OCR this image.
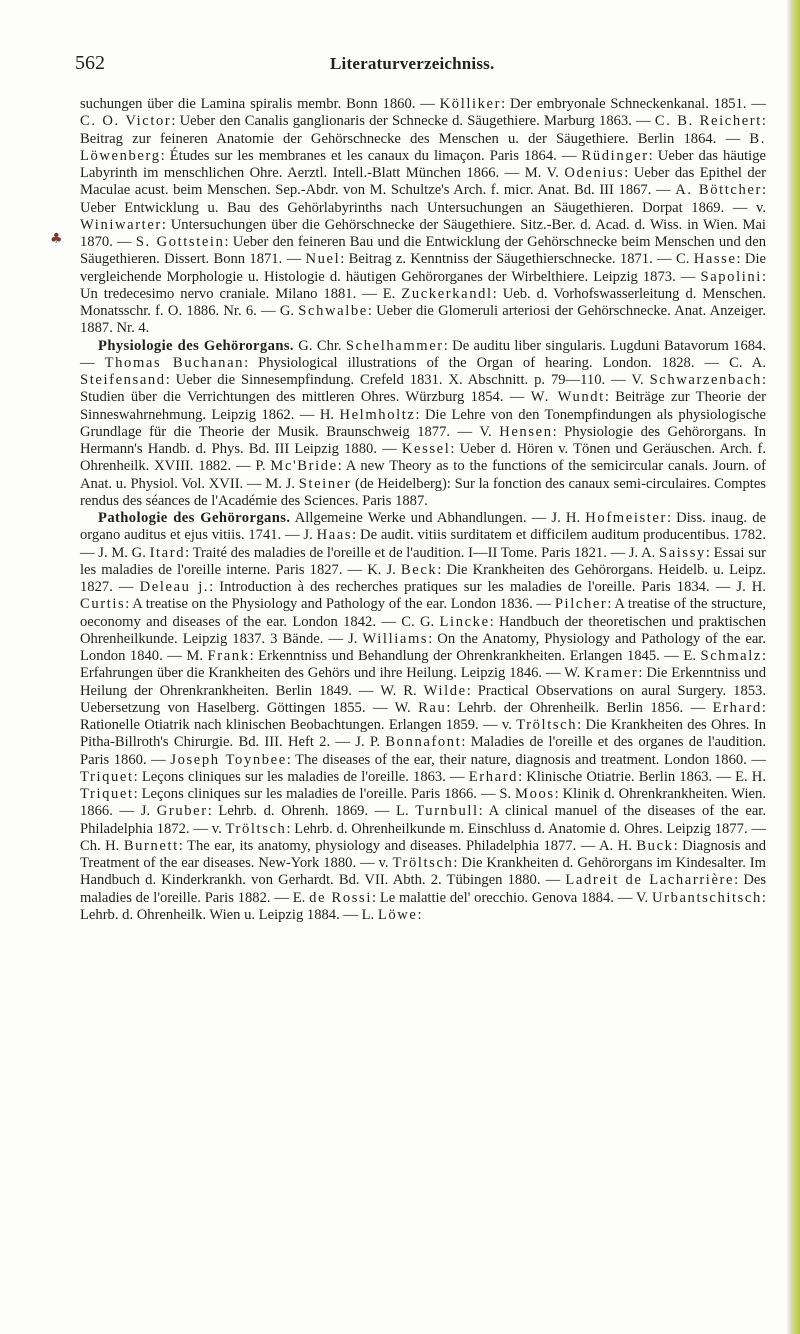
♣
562	Literaturverzeichniss.

suchungen über die Lamina spiralis membr. Bonn 1860. — Kölliker: Der embryonale Schneckenkanal. 1851. — C. O. Victor: Ueber den Canalis ganglionaris der Schnecke d. Säugethiere. Marburg 1863. — C. B. Reichert: Beitrag zur feineren Anatomie der Gehörschnecke des Menschen u. der Säugethiere. Berlin 1864. — B. Löwenberg: Études sur les membranes et les canaux du limaçon. Paris 1864. — Rüdinger: Ueber das häutige Labyrinth im menschlichen Ohre. Aerztl. Intell.-Blatt München 1866. — M. V. Odenius: Ueber das Epithel der Maculae acust. beim Menschen. Sep.-Abdr. von M. Schultze's Arch. f. micr. Anat. Bd. III 1867. — A. Böttcher: Ueber Entwicklung u. Bau des Gehörlabyrinths nach Untersuchungen an Säugethieren. Dorpat 1869. — v. Winiwarter: Untersuchungen über die Gehörschnecke der Säugethiere. Sitz.-Ber. d. Acad. d. Wiss. in Wien. Mai 1870. — S. Gottstein: Ueber den feineren Bau und die Entwicklung der Gehörschnecke beim Menschen und den Säugethieren. Dissert. Bonn 1871. — Nuel: Beitrag z. Kenntniss der Säugethierschnecke. 1871. — C. Hasse: Die vergleichende Morphologie u. Histologie d. häutigen Gehörorganes der Wirbelthiere. Leipzig 1873. — Sapolini: Un tredecesimo nervo craniale. Milano 1881. — E. Zuckerkandl: Ueb. d. Vorhofswasserleitung d. Menschen. Monatsschr. f. O. 1886. Nr. 6. — G. Schwalbe: Ueber die Glomeruli arteriosi der Gehörschnecke. Anat. Anzeiger. 1887. Nr. 4.

Physiologie des Gehörorgans. G. Chr. Schelhammer: De auditu liber singularis. Lugduni Batavorum 1684. — Thomas Buchanan: Physiological illustrations of the Organ of hearing. London. 1828. — C. A. Steifensand: Ueber die Sinnesempfindung. Crefeld 1831. X. Abschnitt. p. 79—110. — V. Schwarzenbach: Studien über die Verrichtungen des mittleren Ohres. Würzburg 1854. — W. Wundt: Beiträge zur Theorie der Sinneswahrnehmung. Leipzig 1862. — H. Helmholtz: Die Lehre von den Tonempfindungen als physiologische Grundlage für die Theorie der Musik. Braunschweig 1877. — V. Hensen: Physiologie des Gehörorgans. In Hermann's Handb. d. Phys. Bd. III Leipzig 1880. — Kessel: Ueber d. Hören v. Tönen und Geräuschen. Arch. f. Ohrenheilk. XVIII. 1882. — P. Mc'Bride: A new Theory as to the functions of the semicircular canals. Journ. of Anat. u. Physiol. Vol. XVII. — M. J. Steiner (de Heidelberg): Sur la fonction des canaux semi-circulaires. Comptes rendus des séances de l'Académie des Sciences. Paris 1887.

Pathologie des Gehörorgans. Allgemeine Werke und Abhandlungen. — J. H. Hofmeister: Diss. inaug. de organo auditus et ejus vitiis. 1741. — J. Haas: De audit. vitiis surditatem et difficilem auditum producentibus. 1782. — J. M. G. Itard: Traité des maladies de l'oreille et de l'audition. I—II Tome. Paris 1821. — J. A. Saissy: Essai sur les maladies de l'oreille interne. Paris 1827. — K. J. Beck: Die Krankheiten des Gehörorgans. Heidelb. u. Leipz. 1827. — Deleau j.: Introduction à des recherches pratiques sur les maladies de l'oreille. Paris 1834. — J. H. Curtis: A treatise on the Physiology and Pathology of the ear. London 1836. — Pilcher: A treatise of the structure, oeconomy and diseases of the ear. London 1842. — C. G. Lincke: Handbuch der theoretischen und praktischen Ohrenheilkunde. Leipzig 1837. 3 Bände. — J. Williams: On the Anatomy, Physiology and Pathology of the ear. London 1840. — M. Frank: Erkenntniss und Behandlung der Ohrenkrankheiten. Erlangen 1845. — E. Schmalz: Erfahrungen über die Krankheiten des Gehörs und ihre Heilung. Leipzig 1846. — W. Kramer: Die Erkenntniss und Heilung der Ohrenkrankheiten. Berlin 1849. — W. R. Wilde: Practical Observations on aural Surgery. 1853. Uebersetzung von Haselberg. Göttingen 1855. — W. Rau: Lehrb. der Ohrenheilk. Berlin 1856. — Erhard: Rationelle Otiatrik nach klinischen Beobachtungen. Erlangen 1859. — v. Tröltsch: Die Krankheiten des Ohres. In Pitha-Billroth's Chirurgie. Bd. III. Heft 2. — J. P. Bonnafont: Maladies de l'oreille et des organes de l'audition. Paris 1860. — Joseph Toynbee: The diseases of the ear, their nature, diagnosis and treatment. London 1860. — Triquet: Leçons cliniques sur les maladies de l'oreille. 1863. — Erhard: Klinische Otiatrie. Berlin 1863. — E. H. Triquet: Leçons cliniques sur les maladies de l'oreille. Paris 1866. — S. Moos: Klinik d. Ohrenkrankheiten. Wien. 1866. — J. Gruber: Lehrb. d. Ohrenh. 1869. — L. Turnbull: A clinical manuel of the diseases of the ear. Philadelphia 1872. — v. Tröltsch: Lehrb. d. Ohrenheilkunde m. Einschluss d. Anatomie d. Ohres. Leipzig 1877. — Ch. H. Burnett: The ear, its anatomy, physiology and diseases. Philadelphia 1877. — A. H. Buck: Diagnosis and Treatment of the ear diseases. New-York 1880. — v. Tröltsch: Die Krankheiten d. Gehörorgans im Kindesalter. Im Handbuch d. Kinderkrankh. von Gerhardt. Bd. VII. Abth. 2. Tübingen 1880. — Ladreit de Lacharrière: Des maladies de l'oreille. Paris 1882. — E. de Rossi: Le malattie del' orecchio. Genova 1884. — V. Urbantschitsch: Lehrb. d. Ohrenheilk. Wien u. Leipzig 1884. — L. Löwe:
